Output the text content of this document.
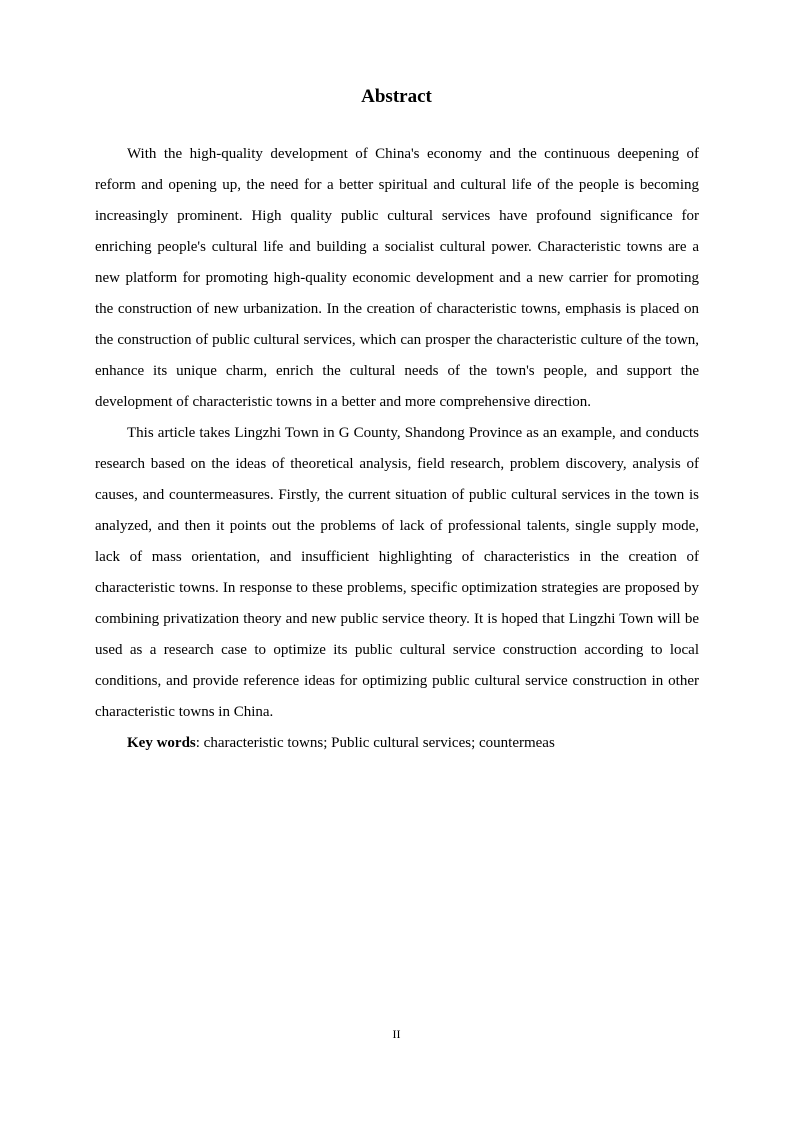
Abstract

With the high-quality development of China's economy and the continuous deepening of reform and opening up, the need for a better spiritual and cultural life of the people is becoming increasingly prominent. High quality public cultural services have profound significance for enriching people's cultural life and building a socialist cultural power. Characteristic towns are a new platform for promoting high-quality economic development and a new carrier for promoting the construction of new urbanization. In the creation of characteristic towns, emphasis is placed on the construction of public cultural services, which can prosper the characteristic culture of the town, enhance its unique charm, enrich the cultural needs of the town's people, and support the development of characteristic towns in a better and more comprehensive direction.

This article takes Lingzhi Town in G County, Shandong Province as an example, and conducts research based on the ideas of theoretical analysis, field research, problem discovery, analysis of causes, and countermeasures. Firstly, the current situation of public cultural services in the town is analyzed, and then it points out the problems of lack of professional talents, single supply mode, lack of mass orientation, and insufficient highlighting of characteristics in the creation of characteristic towns. In response to these problems, specific optimization strategies are proposed by combining privatization theory and new public service theory. It is hoped that Lingzhi Town will be used as a research case to optimize its public cultural service construction according to local conditions, and provide reference ideas for optimizing public cultural service construction in other characteristic towns in China.

Key words: characteristic towns; Public cultural services; countermeas

II
